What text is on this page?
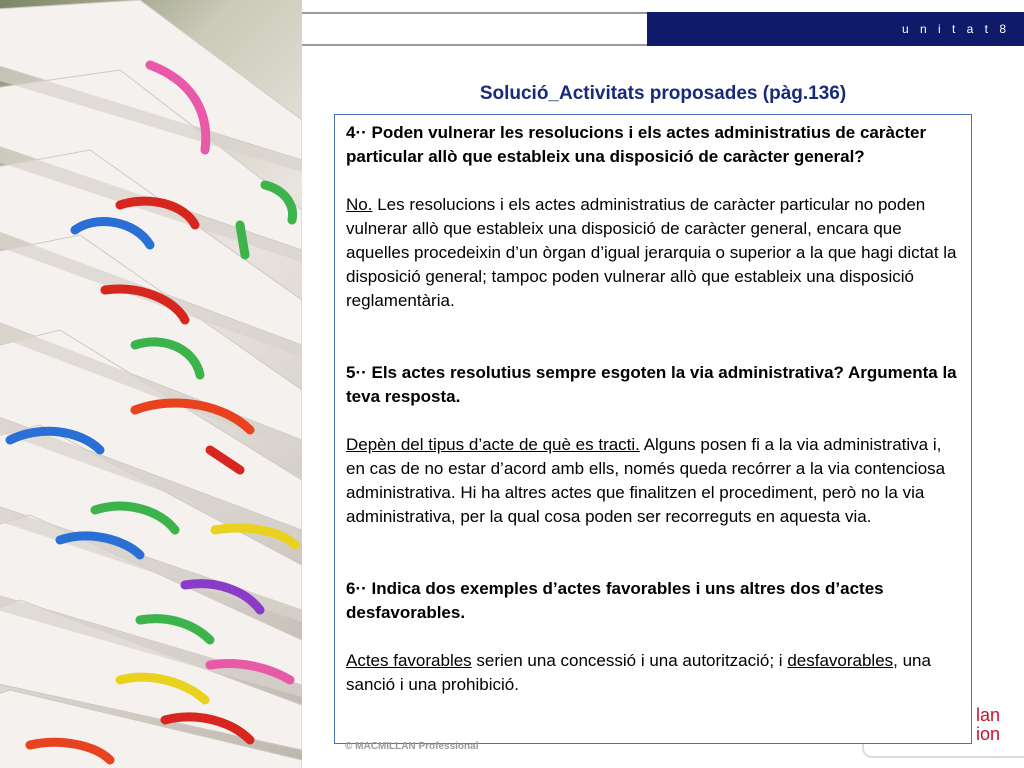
u n i t a t 8
Solució_Activitats proposades (pàg.136)

4·· Poden vulnerar les resolucions i els actes administratius de caràcter particular allò que estableix una disposició de caràcter general?

No. Les resolucions i els actes administratius de caràcter particular no poden vulnerar allò que estableix una disposició de caràcter general, encara que aquelles procedeixin d’un òrgan d’igual jerarquia o superior a la que hagi dictat la disposició general; tampoc poden vulnerar allò que estableix una disposició reglamentària.

5·· Els actes resolutius sempre esgoten la via administrativa? Argumenta la teva resposta.

Depèn del tipus d’acte de què es tracti. Alguns posen fi a la via administrativa i, en cas de no estar d’acord amb ells, només queda recórrer a la via contenciosa administrativa. Hi ha altres actes que finalitzen el procediment, però no la via administrativa, per la qual cosa poden ser recorreguts en aquesta via.

6·· Indica dos exemples d’actes favorables i uns altres dos d’actes desfavorables.

Actes favorables serien una concessió i una autorització; i desfavorables, una sanció i una prohibició.

lan
ion
© MACMILLAN Professional
